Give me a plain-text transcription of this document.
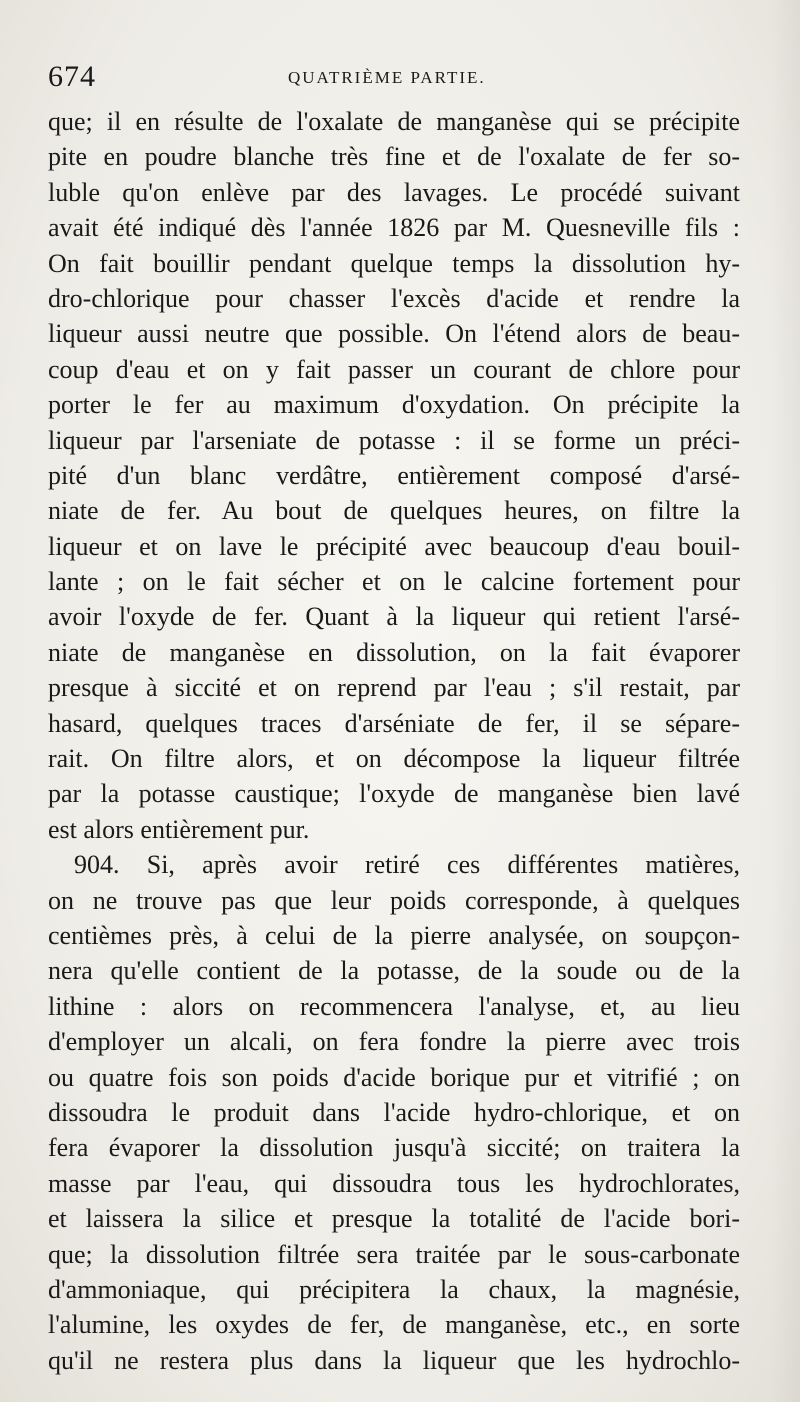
674	QUATRIÈME PARTIE.
que; il en résulte de l'oxalate de manganèse qui se précipite
pite en poudre blanche très fine et de l'oxalate de fer so-
luble qu'on enlève par des lavages. Le procédé suivant
avait été indiqué dès l'année 1826 par M. Quesneville fils :
On fait bouillir pendant quelque temps la dissolution hy-
dro-chlorique pour chasser l'excès d'acide et rendre la
liqueur aussi neutre que possible. On l'étend alors de beau-
coup d'eau et on y fait passer un courant de chlore pour
porter le fer au maximum d'oxydation. On précipite la
liqueur par l'arseniate de potasse : il se forme un préci-
pité d'un blanc verdâtre, entièrement composé d'arsé-
niate de fer. Au bout de quelques heures, on filtre la
liqueur et on lave le précipité avec beaucoup d'eau bouil-
lante ; on le fait sécher et on le calcine fortement pour
avoir l'oxyde de fer. Quant à la liqueur qui retient l'arsé-
niate de manganèse en dissolution, on la fait évaporer
presque à siccité et on reprend par l'eau ; s'il restait, par
hasard, quelques traces d'arséniate de fer, il se sépare-
rait. On filtre alors, et on décompose la liqueur filtrée
par la potasse caustique; l'oxyde de manganèse bien lavé
est alors entièrement pur.
904. Si, après avoir retiré ces différentes matières,
on ne trouve pas que leur poids corresponde, à quelques
centièmes près, à celui de la pierre analysée, on soupçon-
nera qu'elle contient de la potasse, de la soude ou de la
lithine : alors on recommencera l'analyse, et, au lieu
d'employer un alcali, on fera fondre la pierre avec trois
ou quatre fois son poids d'acide borique pur et vitrifié ; on
dissoudra le produit dans l'acide hydro-chlorique, et on
fera évaporer la dissolution jusqu'à siccité; on traitera la
masse par l'eau, qui dissoudra tous les hydrochlorates,
et laissera la silice et presque la totalité de l'acide bori-
que; la dissolution filtrée sera traitée par le sous-carbonate
d'ammoniaque, qui précipitera la chaux, la magnésie,
l'alumine, les oxydes de fer, de manganèse, etc., en sorte
qu'il ne restera plus dans la liqueur que les hydrochlo-
